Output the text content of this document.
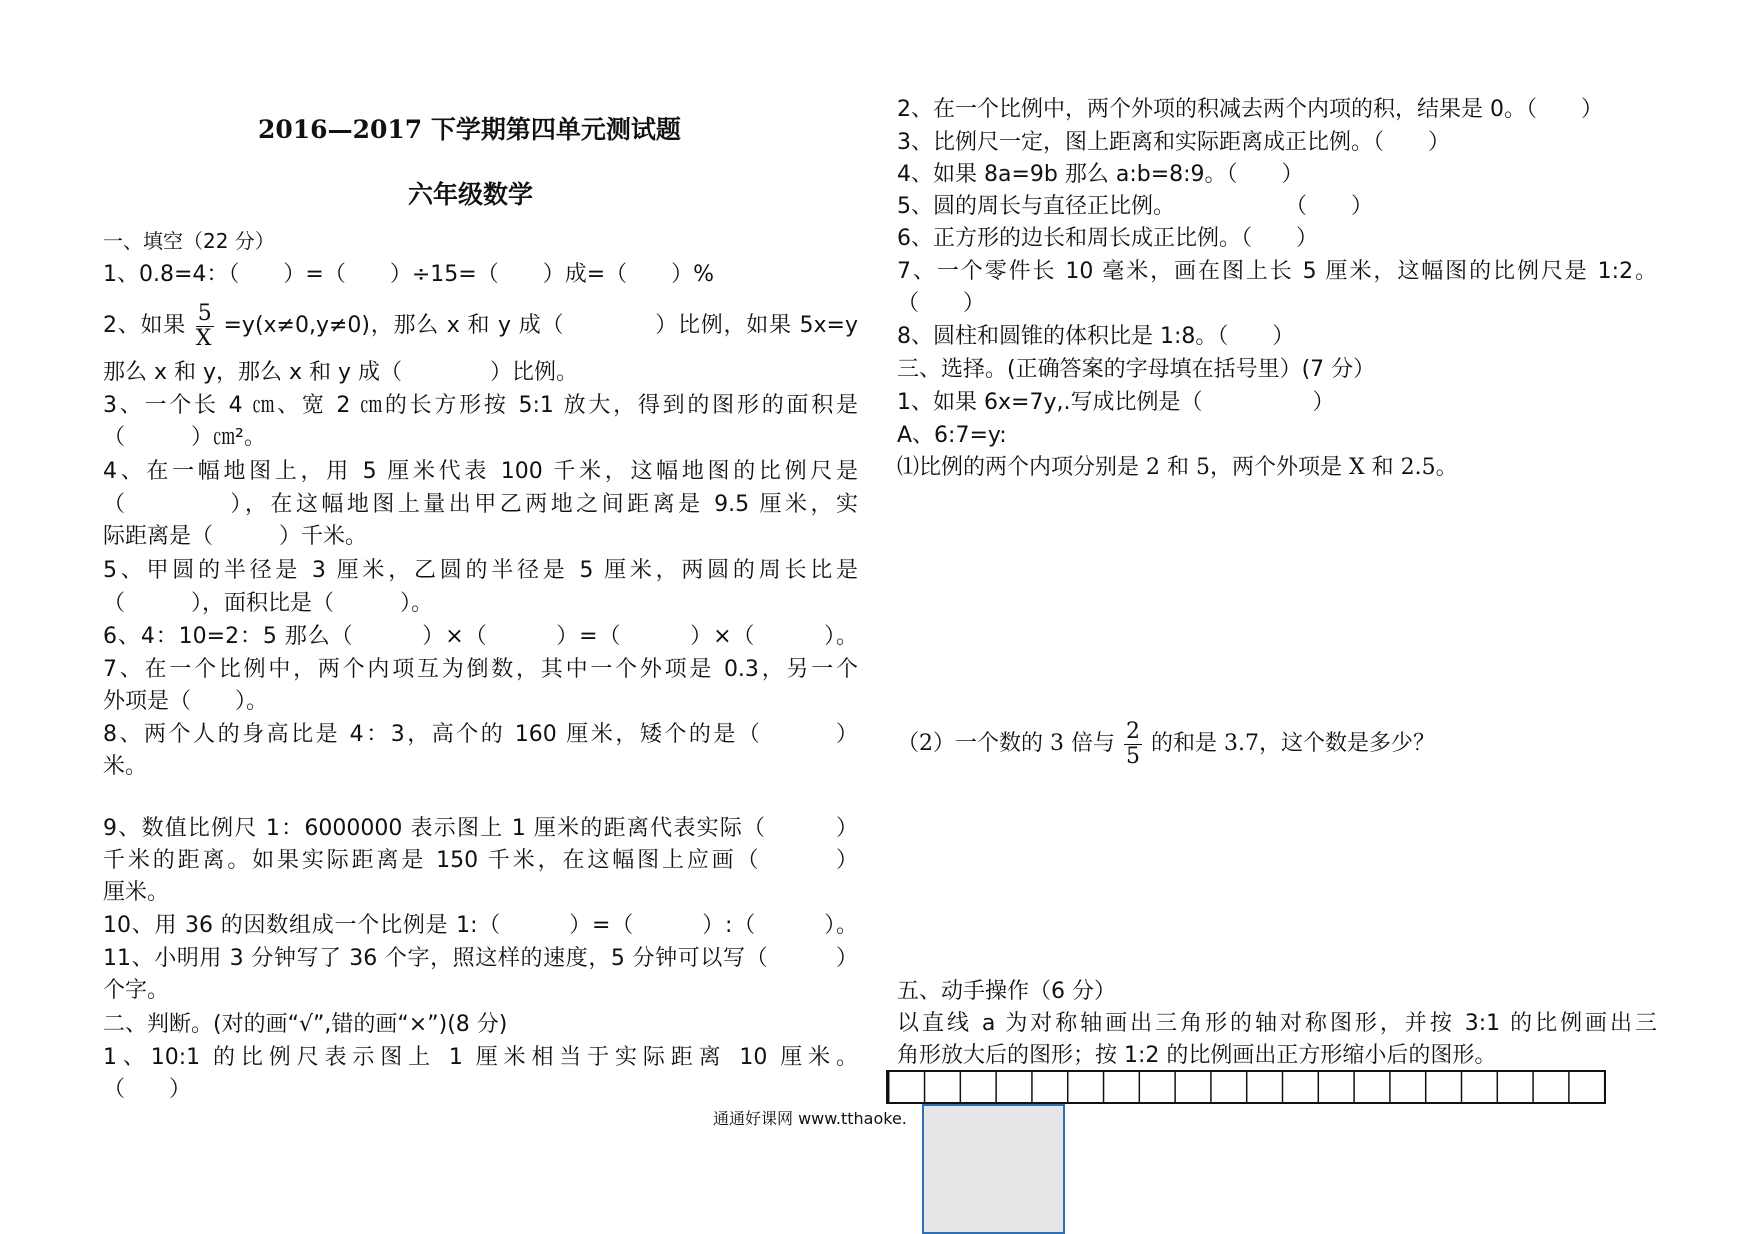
2016—2017 下学期第四单元测试题
六年级数学
一、填空（22 分）
1、0.8=4：（　　）=（　　）÷15=（　　）成=（　　）%
2、如果 $\frac{5}{X} =y(x\ne 0,y\ne 0)$，那么 x 和 y 成（　　　　）比例，如果 5x=y
那么 x 和 y，那么 x 和 y 成（　　　　）比例。
3、一个长 4 ㎝、宽 2 ㎝的长方形按 5:1 放大，得到的图形的面积是
（　　　）㎝²。
4、在一幅地图上，用 5 厘米代表 100 千米，这幅地图的比例尺是
（　　　　），在这幅地图上量出甲乙两地之间距离是 9.5 厘米，实
际距离是（　　　）千米。
5、甲圆的半径是 3 厘米，乙圆的半径是 5 厘米，两圆的周长比是
（　　　），面积比是（　　　）。
6、4：10=2：5 那么（　　　）×（　　　）=（　　　）×（　　　）。
7、在一个比例中，两个内项互为倒数，其中一个外项是 0.3，另一个
外项是（　　）。
8、两个人的身高比是 4：3，高个的 160 厘米，矮个的是（　　　）
米。
9、数值比例尺 1：6000000 表示图上 1 厘米的距离代表实际（　　　）
千米的距离。如果实际距离是 150 千米，在这幅图上应画（　　　）
厘米。
10、用 36 的因数组成一个比例是 1:（　　　）=（　　　）:（　　　）。
11、小明用 3 分钟写了 36 个字，照这样的速度，5 分钟可以写（　　　）
个字。
二、判断。(对的画“√”,错的画“×”)(8 分)
1、10:1 的比例尺表示图上 1 厘米相当于实际距离 10 厘米。
（　　）
2、在一个比例中，两个外项的积减去两个内项的积，结果是 0。（　　）
3、比例尺一定，图上距离和实际距离成正比例。（　　）
4、如果 8a=9b 那么 a:b=8:9。（　　）
5、圆的周长与直径正比例。　　　　　　（　　）
6、正方形的边长和周长成正比例。（　　）
7、一个零件长 10 毫米，画在图上长 5 厘米，这幅图的比例尺是 1:2。
（　　）
8、圆柱和圆锥的体积比是 1:8。（　　）
三、选择。(正确答案的字母填在括号里）(7 分）
1、如果 6x=7y,.写成比例是（　　　　　）
A、6:7=y:
⑴比例的两个内项分别是 2 和 5，两个外项是 X 和 2.5。
（2）一个数的 3 倍与 $\frac{2}{5}$ 的和是 3.7，这个数是多少？
五、动手操作（6 分）
以直线 a 为对称轴画出三角形的轴对称图形，并按 3:1 的比例画出三
角形放大后的图形；按 1:2 的比例画出正方形缩小后的图形。
通通好课网 www.tthaoke.
